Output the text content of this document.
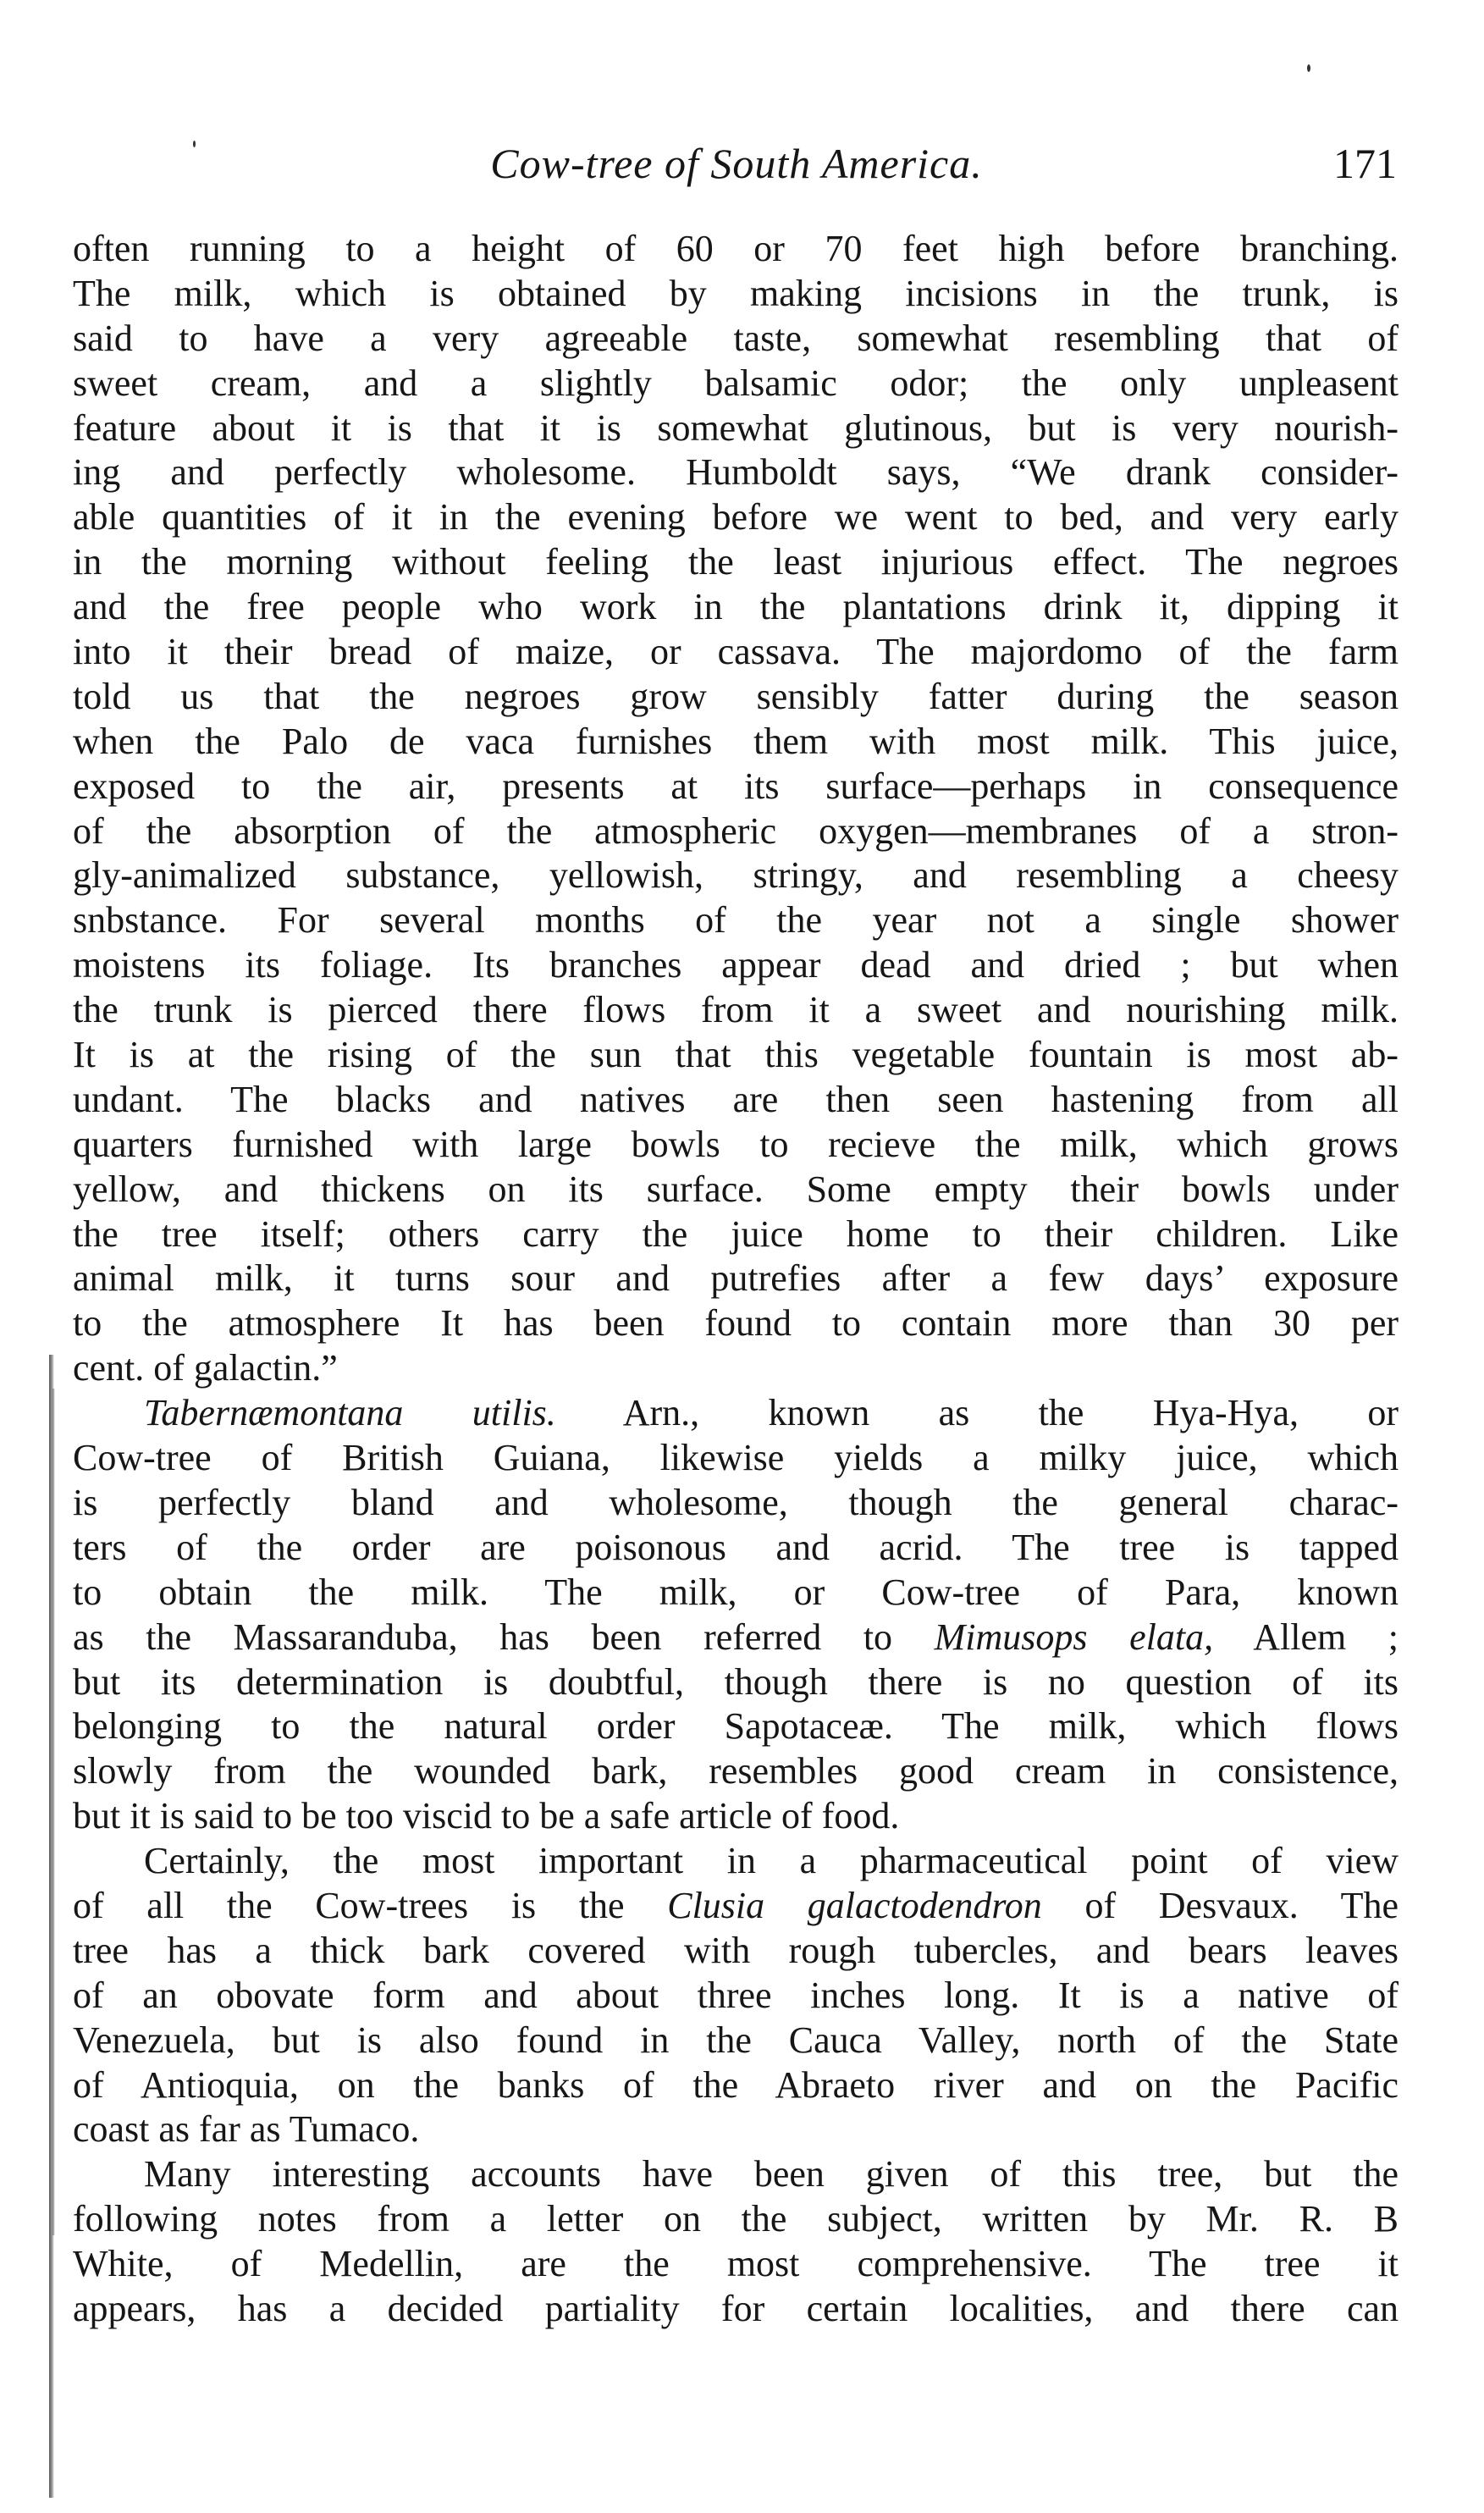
Cow-tree of South America.	171
often running to a height of 60 or 70 feet high before branching.
The milk, which is obtained by making incisions in the trunk, is
said to have a very agreeable taste, somewhat resembling that of
sweet cream, and a slightly balsamic odor; the only unpleasent
feature about it is that it is somewhat glutinous, but is very nourish-
ing and perfectly wholesome. Humboldt says, “We drank consider-
able quantities of it in the evening before we went to bed, and very early
in the morning without feeling the least injurious effect. The negroes
and the free people who work in the plantations drink it, dipping it
into it their bread of maize, or cassava. The majordomo of the farm
told us that the negroes grow sensibly fatter during the season
when the Palo de vaca furnishes them with most milk. This juice,
exposed to the air, presents at its surface—perhaps in consequence
of the absorption of the atmospheric oxygen—membranes of a stron-
gly-animalized substance, yellowish, stringy, and resembling a cheesy
snbstance. For several months of the year not a single shower
moistens its foliage. Its branches appear dead and dried ; but when
the trunk is pierced there flows from it a sweet and nourishing milk.
It is at the rising of the sun that this vegetable fountain is most ab-
undant. The blacks and natives are then seen hastening from all
quarters furnished with large bowls to recieve the milk, which grows
yellow, and thickens on its surface. Some empty their bowls under
the tree itself; others carry the juice home to their children. Like
animal milk, it turns sour and putrefies after a few days’ exposure
to the atmosphere It has been found to contain more than 30 per
cent. of galactin.”
Tabernæmontana utilis. Arn., known as the Hya-Hya, or
Cow-tree of British Guiana, likewise yields a milky juice, which
is perfectly bland and wholesome, though the general charac-
ters of the order are poisonous and acrid. The tree is tapped
to obtain the milk. The milk, or Cow-tree of Para, known
as the Massaranduba, has been referred to Mimusops elata, Allem ;
but its determination is doubtful, though there is no question of its
belonging to the natural order Sapotaceæ. The milk, which flows
slowly from the wounded bark, resembles good cream in consistence,
but it is said to be too viscid to be a safe article of food.
Certainly, the most important in a pharmaceutical point of view
of all the Cow-trees is the Clusia galactodendron of Desvaux. The
tree has a thick bark covered with rough tubercles, and bears leaves
of an obovate form and about three inches long. It is a native of
Venezuela, but is also found in the Cauca Valley, north of the State
of Antioquia, on the banks of the Abraeto river and on the Pacific
coast as far as Tumaco.
Many interesting accounts have been given of this tree, but the
following notes from a letter on the subject, written by Mr. R. B
White, of Medellin, are the most comprehensive. The tree it
appears, has a decided partiality for certain localities, and there can
